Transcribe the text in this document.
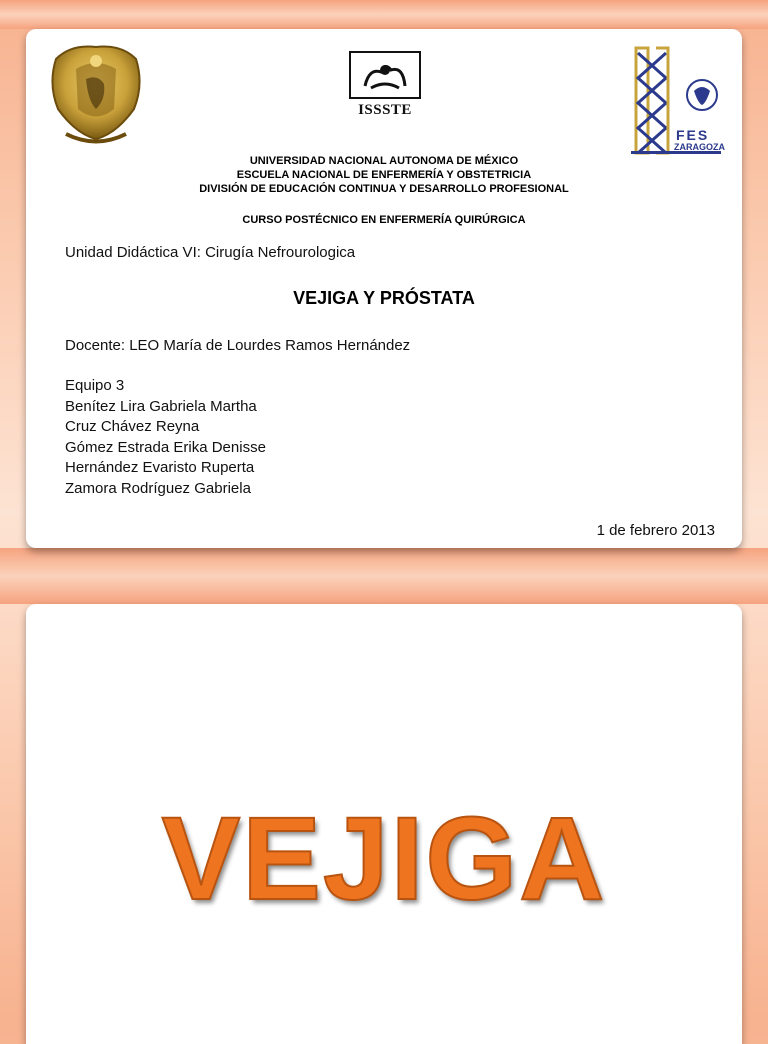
ISSSTE
FES
ZARAGOZA
UNIVERSIDAD NACIONAL AUTONOMA DE MÉXICO
ESCUELA NACIONAL DE ENFERMERÍA Y OBSTETRICIA
DIVISIÓN DE EDUCACIÓN CONTINUA Y DESARROLLO PROFESIONAL
CURSO POSTÉCNICO EN ENFERMERÍA QUIRÚRGICA
Unidad Didáctica VI: Cirugía Nefrourologica
VEJIGA Y PRÓSTATA
Docente: LEO María de Lourdes Ramos Hernández
Equipo 3
Benítez Lira Gabriela Martha
Cruz Chávez Reyna
Gómez Estrada Erika Denisse
Hernández Evaristo Ruperta
Zamora Rodríguez Gabriela
1 de febrero 2013
VEJIGA
